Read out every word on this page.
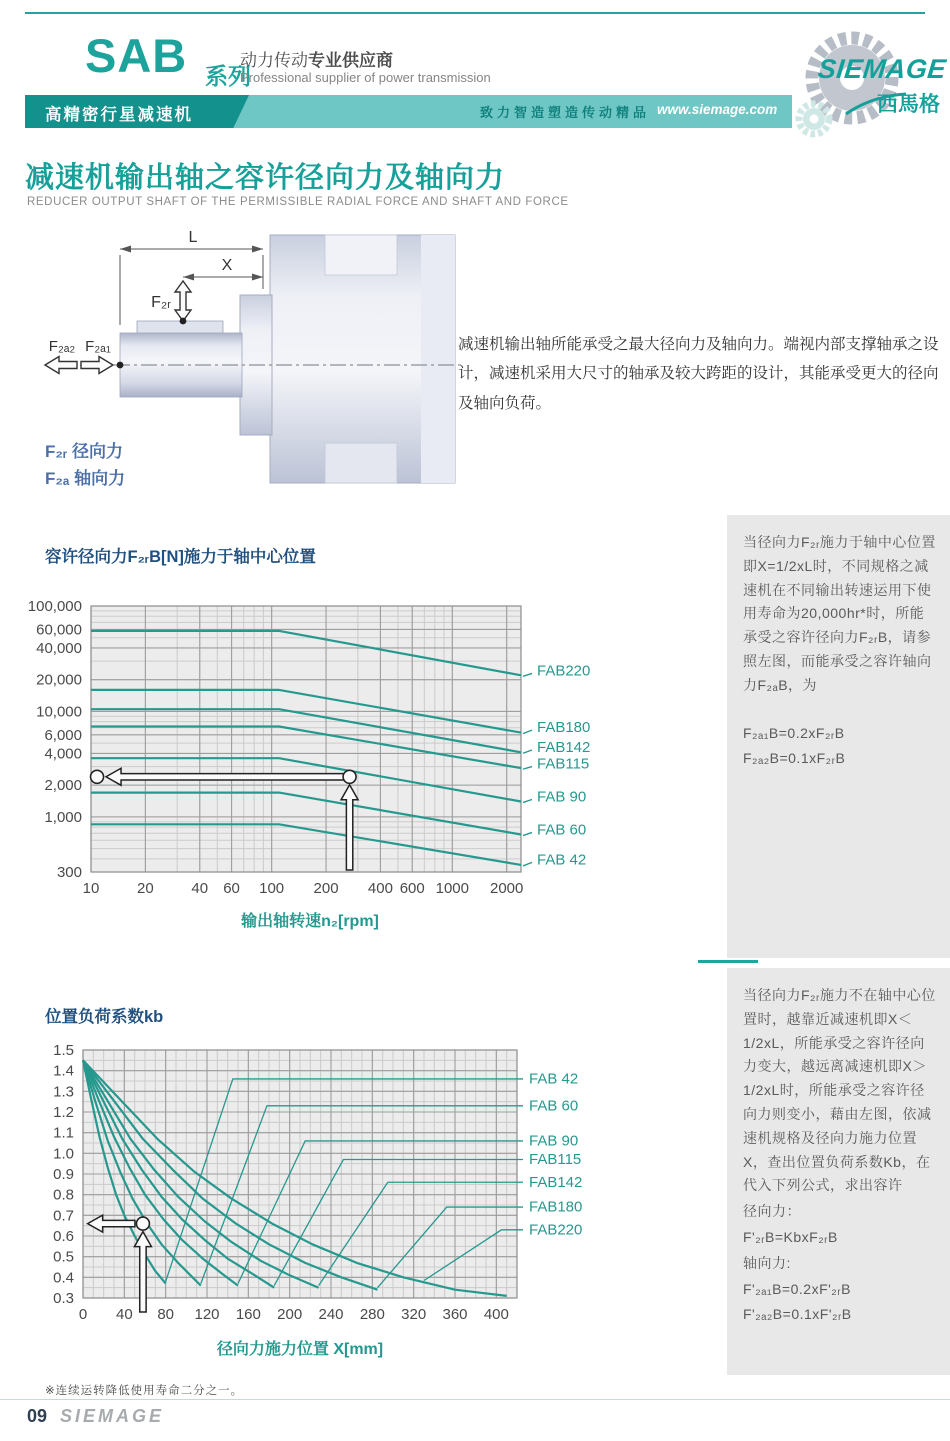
SAB 系列
动力传动专业供应商
Professional supplier of power transmission
高精密行星减速机	致力智造塑造传动精品 www.siemage.com
SIEMAGE
西馬格
减速机输出轴之容许径向力及轴向力
REDUCER OUTPUT SHAFT OF THE PERMISSIBLE RADIAL FORCE AND SHAFT AND FORCE
L
X
F₂ᵣ
F₂ₐ₂ F₂ₐ₁
F₂ᵣ 径向力
F₂ₐ 轴向力
减速机输出轴所能承受之最大径向力及轴向力。端视内部支撑轴承之设计，减速机采用大尺寸的轴承及较大跨距的设计，其能承受更大的径向及轴向负荷。
容许径向力F₂ᵣB[N]施力于轴中心位置
300
1,000
2,000
4,000
6,000
10,000
20,000
40,000
60,000
100,000
10	20	40 60 100 200 400 600 1000 2000
FAB220
FAB180
FAB142
FAB115
FAB 90
FAB 60
FAB 42
输出轴转速n₂[rpm]

当径向力F₂ᵣ施力于轴中心位置即X=1/2xL时，不同规格之减速机在不同输出转速运用下使用寿命为20,000hr*时，所能承受之容许径向力F₂ᵣB，请参照左图，而能承受之容许轴向力F₂ₐB，为

F₂ₐ₁B=0.2xF₂ᵣB
F₂ₐ₂B=0.1xF₂ᵣB
位置负荷系数kb
0.3
0.4
0.5
0.6
0.7
0.8
0.9
1.0
1.1
1.2
1.3
1.4
1.5
0 40 80 120 160 200 240 280 320 360 400
FAB 42
FAB 60
FAB 90
FAB115
FAB142
FAB180
FAB220
径向力施力位置 X[mm]

当径向力F₂ᵣ施力不在轴中心位置时，越靠近减速机即X＜1/2xL，所能承受之容许径向力变大，越远离减速机即X＞1/2xL时，所能承受之容许径向力则变小，藉由左图，依减速机规格及径向力施力位置X，查出位置负荷系数Kb，在代入下列公式，求出容许

径向力：
F'₂ᵣB=KbxF₂ᵣB
轴向力:
F'₂ₐ₁B=0.2xF'₂ᵣB
F'₂ₐ₂B=0.1xF'₂ᵣB
※连续运转降低使用寿命二分之一。
09 SIEMAGE
